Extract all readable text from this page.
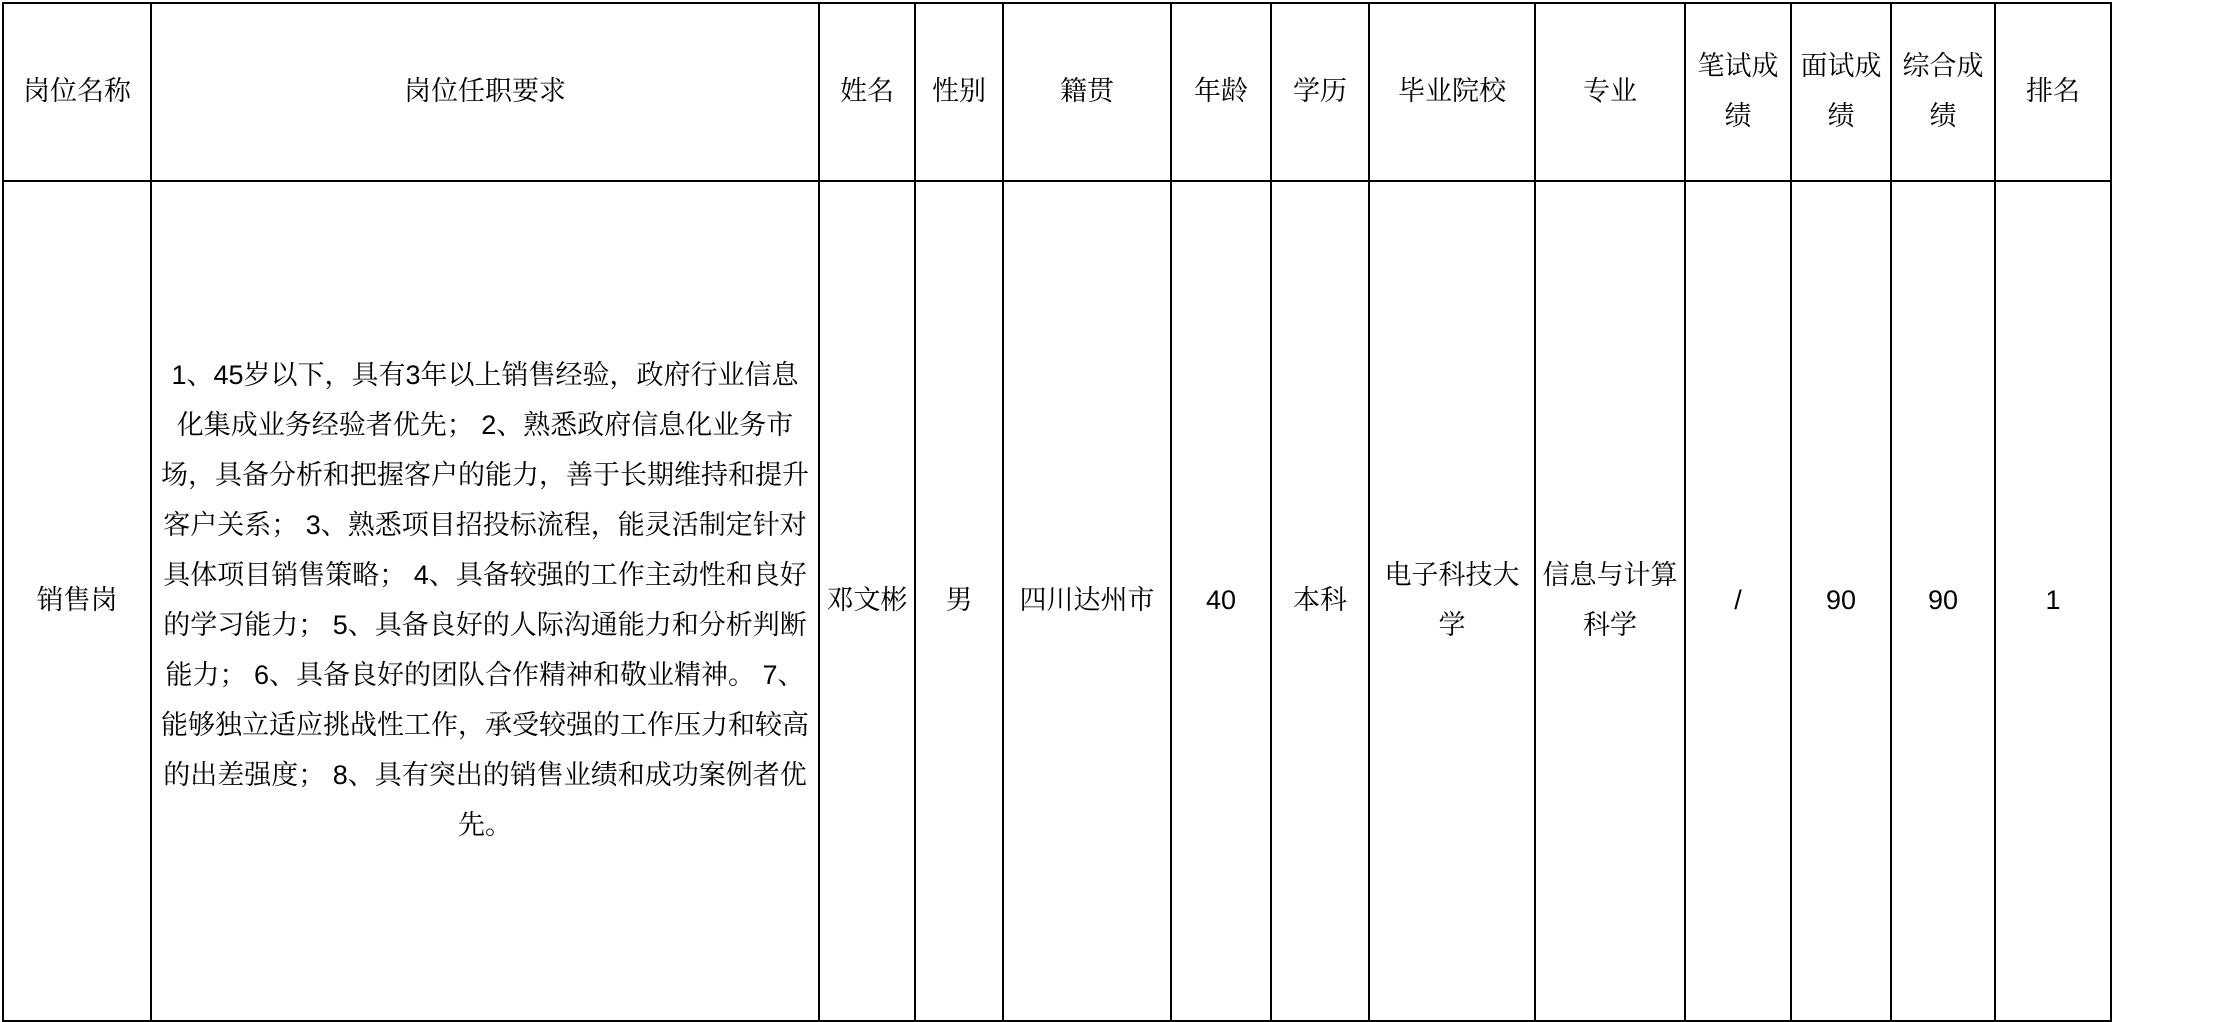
岗位名称	岗位任职要求	姓名	性别	籍贯	年龄	学历	毕业院校	专业	笔试成绩	面试成绩	综合成绩	排名
销售岗	1、45岁以下，具有3年以上销售经验，政府行业信息化集成业务经验者优先； 2、熟悉政府信息化业务市场，具备分析和把握客户的能力，善于长期维持和提升客户关系； 3、熟悉项目招投标流程，能灵活制定针对具体项目销售策略； 4、具备较强的工作主动性和良好的学习能力； 5、具备良好的人际沟通能力和分析判断能力； 6、具备良好的团队合作精神和敬业精神。 7、能够独立适应挑战性工作，承受较强的工作压力和较高的出差强度； 8、具有突出的销售业绩和成功案例者优先。	邓文彬	男	四川达州市	40	本科	电子科技大学	信息与计算科学	/	90	90	1
